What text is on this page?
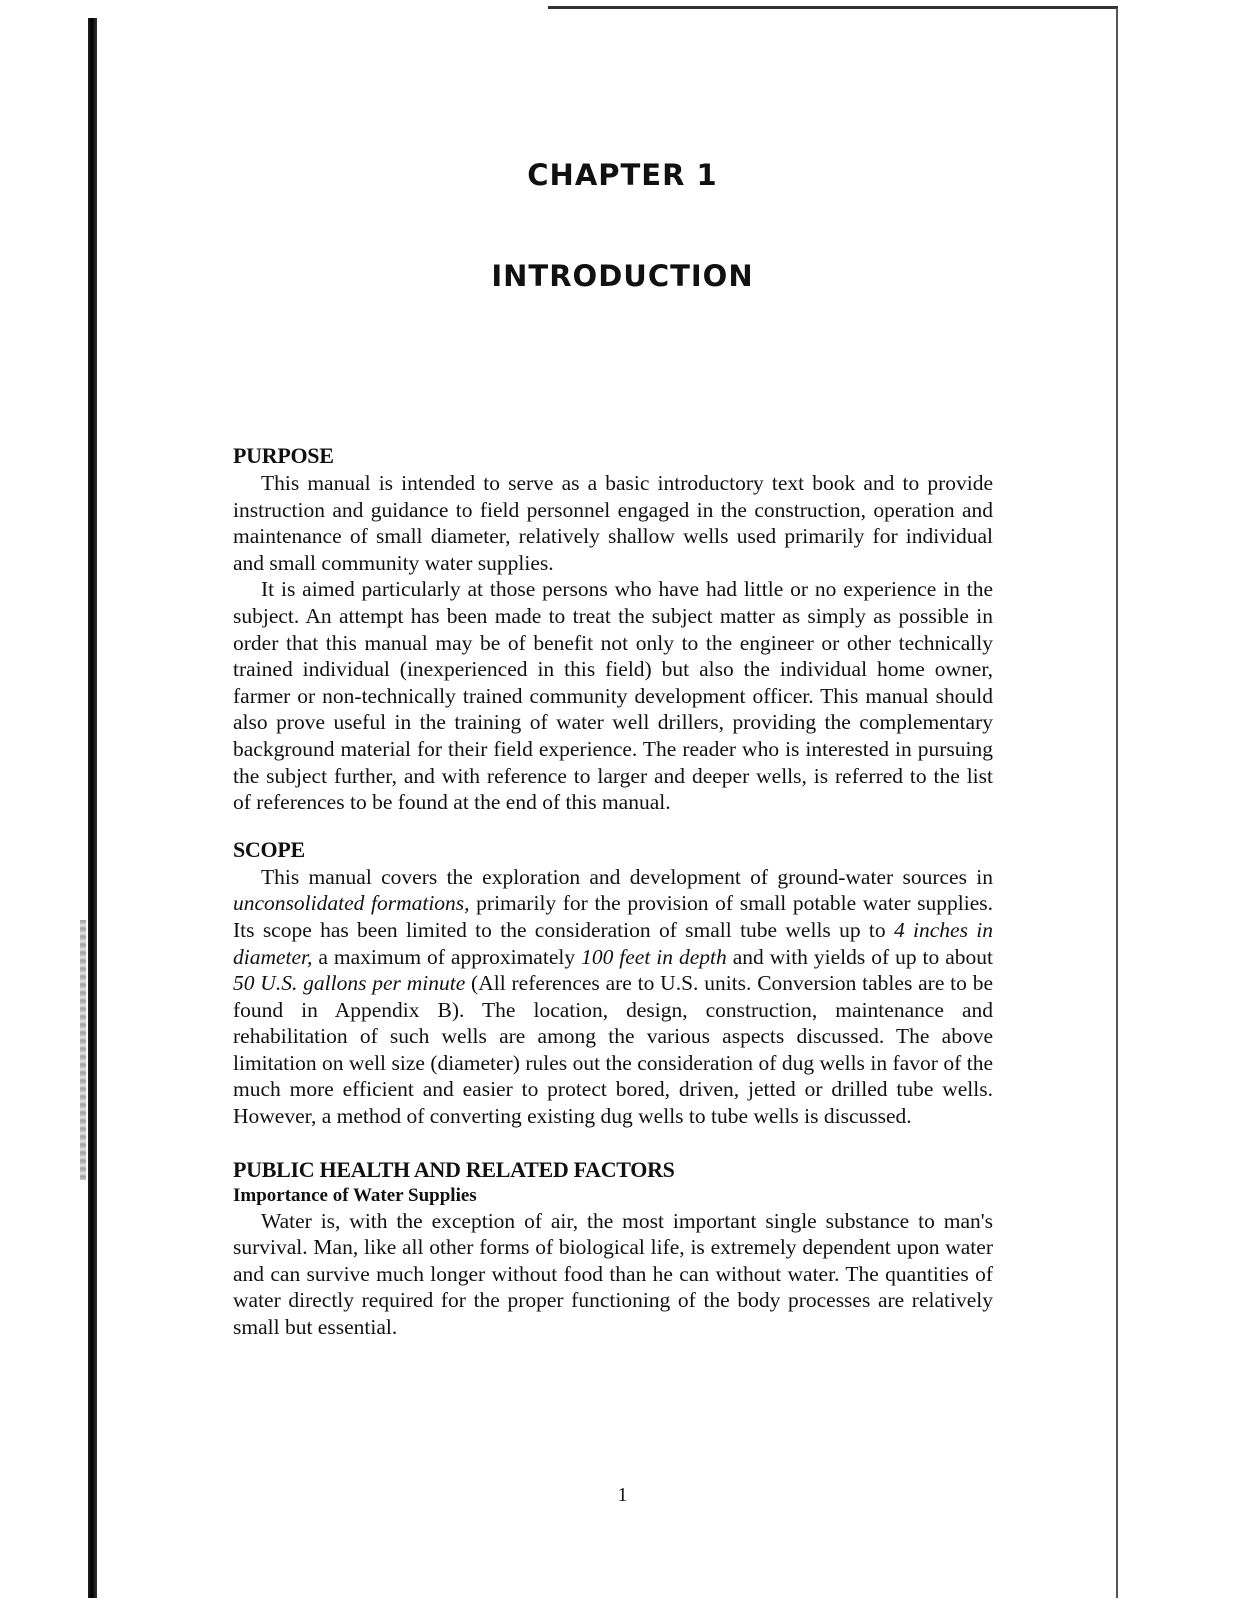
CHAPTER 1
INTRODUCTION
PURPOSE

This manual is intended to serve as a basic introductory text book and to provide instruction and guidance to field personnel engaged in the construction, operation and maintenance of small diameter, relatively shallow wells used primarily for individual and small community water supplies.

It is aimed particularly at those persons who have had little or no experience in the subject. An attempt has been made to treat the subject matter as simply as possible in order that this manual may be of benefit not only to the engineer or other technically trained individual (inexperienced in this field) but also the individual home owner, farmer or non-technically trained community development officer. This manual should also prove useful in the training of water well drillers, providing the complementary background material for their field experience. The reader who is interested in pursuing the subject further, and with reference to larger and deeper wells, is referred to the list of references to be found at the end of this manual.

SCOPE

This manual covers the exploration and development of ground-water sources in unconsolidated formations, primarily for the provision of small potable water supplies. Its scope has been limited to the consideration of small tube wells up to 4 inches in diameter, a maximum of approximately 100 feet in depth and with yields of up to about 50 U.S. gallons per minute (All references are to U.S. units. Conversion tables are to be found in Appendix B). The location, design, construction, maintenance and rehabilitation of such wells are among the various aspects discussed. The above limitation on well size (diameter) rules out the consideration of dug wells in favor of the much more efficient and easier to protect bored, driven, jetted or drilled tube wells. However, a method of converting existing dug wells to tube wells is discussed.

PUBLIC HEALTH AND RELATED FACTORS
Importance of Water Supplies

Water is, with the exception of air, the most important single substance to man's survival. Man, like all other forms of biological life, is extremely dependent upon water and can survive much longer without food than he can without water. The quantities of water directly required for the proper functioning of the body processes are relatively small but essential.

1
